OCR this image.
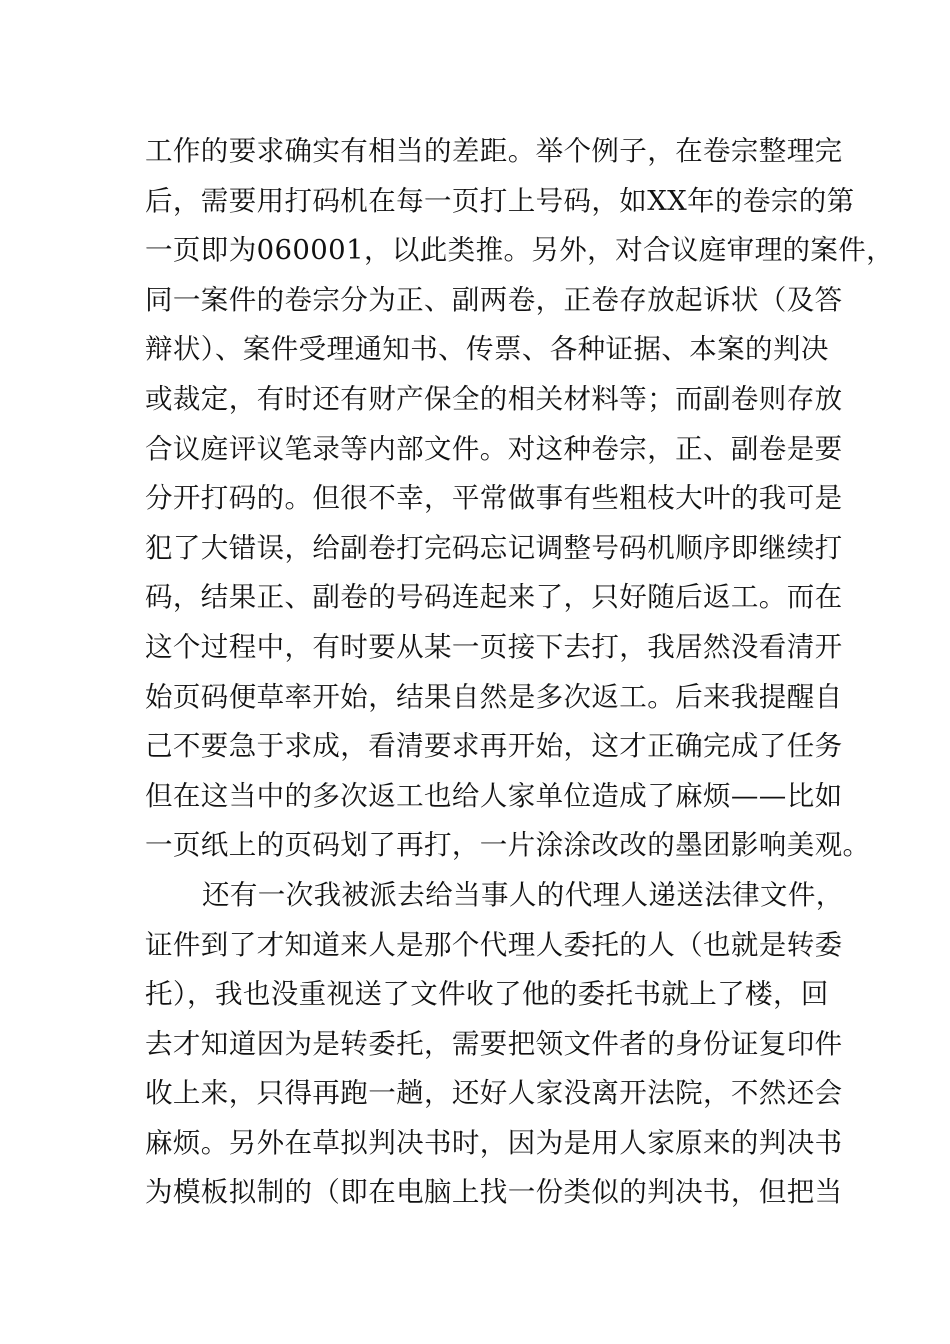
工作的要求确实有相当的差距。举个例子，在卷宗整理完
后，需要用打码机在每一页打上号码，如XX年的卷宗的第
一页即为060001，以此类推。另外，对合议庭审理的案件，
同一案件的卷宗分为正、副两卷，正卷存放起诉状（及答
辩状）、案件受理通知书、传票、各种证据、本案的判决
或裁定，有时还有财产保全的相关材料等；而副卷则存放
合议庭评议笔录等内部文件。对这种卷宗，正、副卷是要
分开打码的。但很不幸，平常做事有些粗枝大叶的我可是
犯了大错误，给副卷打完码忘记调整号码机顺序即继续打
码，结果正、副卷的号码连起来了，只好随后返工。而在
这个过程中，有时要从某一页接下去打，我居然没看清开
始页码便草率开始，结果自然是多次返工。后来我提醒自
己不要急于求成，看清要求再开始，这才正确完成了任务
但在这当中的多次返工也给人家单位造成了麻烦——比如
一页纸上的页码划了再打，一片涂涂改改的墨团影响美观。
还有一次我被派去给当事人的代理人递送法律文件，
证件到了才知道来人是那个代理人委托的人（也就是转委
托），我也没重视送了文件收了他的委托书就上了楼，回
去才知道因为是转委托，需要把领文件者的身份证复印件
收上来，只得再跑一趟，还好人家没离开法院，不然还会
麻烦。另外在草拟判决书时，因为是用人家原来的判决书
为模板拟制的（即在电脑上找一份类似的判决书，但把当
